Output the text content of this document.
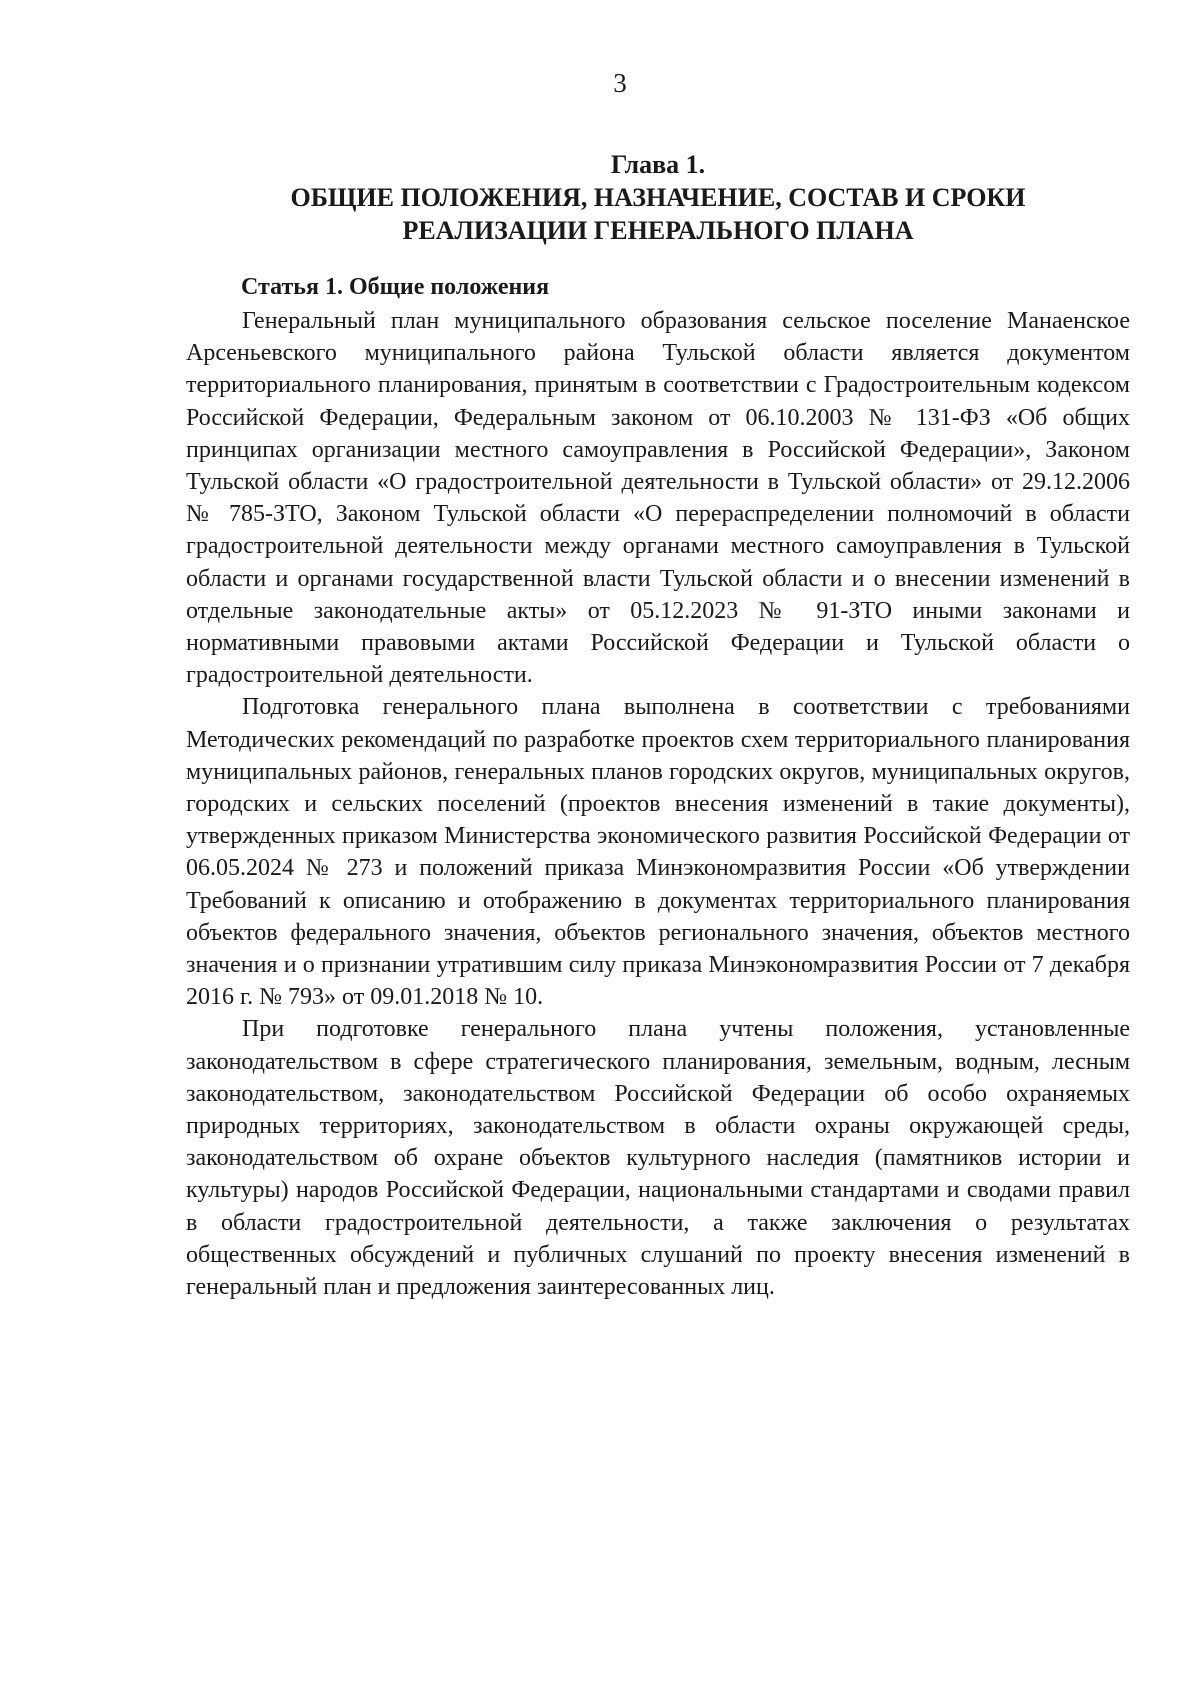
3
Глава 1.
ОБЩИЕ ПОЛОЖЕНИЯ, НАЗНАЧЕНИЕ, СОСТАВ И СРОКИ
РЕАЛИЗАЦИИ ГЕНЕРАЛЬНОГО ПЛАНА
Статья 1. Общие положения

Генеральный план муниципального образования сельское поселение Манаенское Арсеньевского муниципального района Тульской области является документом территориального планирования, принятым в соответствии с Градостроительным кодексом Российской Федерации, Федеральным законом от 06.10.2003 № 131-ФЗ «Об общих принципах организации местного самоуправления в Российской Федерации», Законом Тульской области «О градостроительной деятельности в Тульской области» от 29.12.2006 № 785-ЗТО, Законом Тульской области «О перераспределении полномочий в области градостроительной деятельности между органами местного самоуправления в Тульской области и органами государственной власти Тульской области и о внесении изменений в отдельные законодательные акты» от 05.12.2023 № 91-ЗТО иными законами и нормативными правовыми актами Российской Федерации и Тульской области о градостроительной деятельности.

Подготовка генерального плана выполнена в соответствии с требованиями Методических рекомендаций по разработке проектов схем территориального планирования муниципальных районов, генеральных планов городских округов, муниципальных округов, городских и сельских поселений (проектов внесения изменений в такие документы), утвержденных приказом Министерства экономического развития Российской Федерации от 06.05.2024 № 273 и положений приказа Минэкономразвития России «Об утверждении Требований к описанию и отображению в документах территориального планирования объектов федерального значения, объектов регионального значения, объектов местного значения и о признании утратившим силу приказа Минэкономразвития России от 7 декабря 2016 г. № 793» от 09.01.2018 № 10.

При подготовке генерального плана учтены положения, установленные законодательством в сфере стратегического планирования, земельным, водным, лесным законодательством, законодательством Российской Федерации об особо охраняемых природных территориях, законодательством в области охраны окружающей среды, законодательством об охране объектов культурного наследия (памятников истории и культуры) народов Российской Федерации, национальными стандартами и сводами правил в области градостроительной деятельности, а также заключения о результатах общественных обсуждений и публичных слушаний по проекту внесения изменений в генеральный план и предложения заинтересованных лиц.
